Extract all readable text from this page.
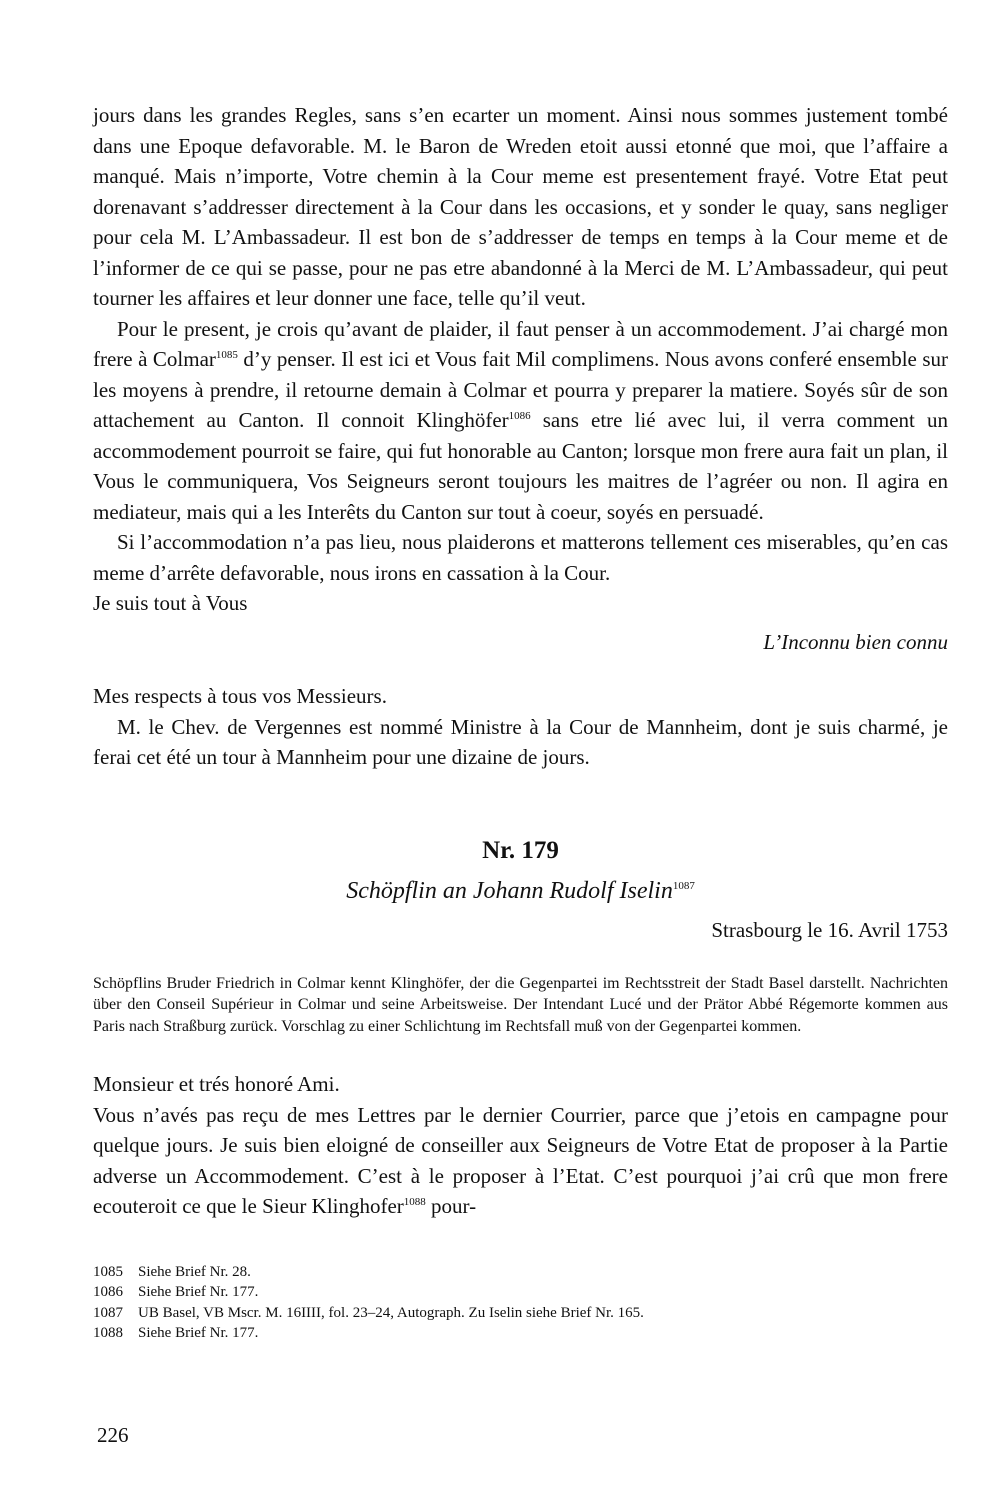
jours dans les grandes Regles, sans s’en ecarter un moment. Ainsi nous sommes justement tombé dans une Epoque defavorable. M. le Baron de Wreden etoit aussi etonné que moi, que l’affaire a manqué. Mais n’importe, Votre chemin à la Cour meme est presentement frayé. Votre Etat peut dorenavant s’addresser directement à la Cour dans les occasions, et y sonder le quay, sans negliger pour cela M. L’Ambassadeur. Il est bon de s’addresser de temps en temps à la Cour meme et de l’informer de ce qui se passe, pour ne pas etre abandonné à la Merci de M. L’Ambassadeur, qui peut tourner les affaires et leur donner une face, telle qu’il veut.

Pour le present, je crois qu’avant de plaider, il faut penser à un accommodement. J’ai chargé mon frere à Colmar$^{1085}$ d’y penser. Il est ici et Vous fait Mil complimens. Nous avons conferé ensemble sur les moyens à prendre, il retourne demain à Colmar et pourra y preparer la matiere. Soyés sûr de son attachement au Canton. Il connoit Klinghöfer$^{1086}$ sans etre lié avec lui, il verra comment un accommodement pourroit se faire, qui fut honorable au Canton; lorsque mon frere aura fait un plan, il Vous le communiquera, Vos Seigneurs seront toujours les maitres de l’agréer ou non. Il agira en mediateur, mais qui a les Interêts du Canton sur tout à coeur, soyés en persuadé.

Si l’accommodation n’a pas lieu, nous plaiderons et matterons tellement ces miserables, qu’en cas meme d’arrête defavorable, nous irons en cassation à la Cour.

Je suis tout à Vous

L’Inconnu bien connu

Mes respects à tous vos Messieurs.

M. le Chev. de Vergennes est nommé Ministre à la Cour de Mannheim, dont je suis charmé, je ferai cet été un tour à Mannheim pour une dizaine de jours.

Nr. 179
Schöpflin an Johann Rudolf Iselin$^{1087}$
Strasbourg le 16. Avril 1753

Schöpflins Bruder Friedrich in Colmar kennt Klinghöfer, der die Gegenpartei im Rechtsstreit der Stadt Basel darstellt. Nachrichten über den Conseil Supérieur in Colmar und seine Arbeitsweise. Der Intendant Lucé und der Prätor Abbé Régemorte kommen aus Paris nach Straßburg zurück. Vorschlag zu einer Schlichtung im Rechtsfall muß von der Gegenpartei kommen.

Monsieur et trés honoré Ami.

Vous n’avés pas reçu de mes Lettres par le dernier Courrier, parce que j’etois en campagne pour quelque jours. Je suis bien eloigné de conseiller aux Seigneurs de Votre Etat de proposer à la Partie adverse un Accommodement. C’est à le proposer à l’Etat. C’est pourquoi j’ai crû que mon frere ecouteroit ce que le Sieur Klinghofer$^{1088}$ pour-

1085	Siehe Brief Nr. 28.
1086	Siehe Brief Nr. 177.
1087	UB Basel, VB Mscr. M. 16IIII, fol. 23–24, Autograph. Zu Iselin siehe Brief Nr. 165.
1088	Siehe Brief Nr. 177.
226
